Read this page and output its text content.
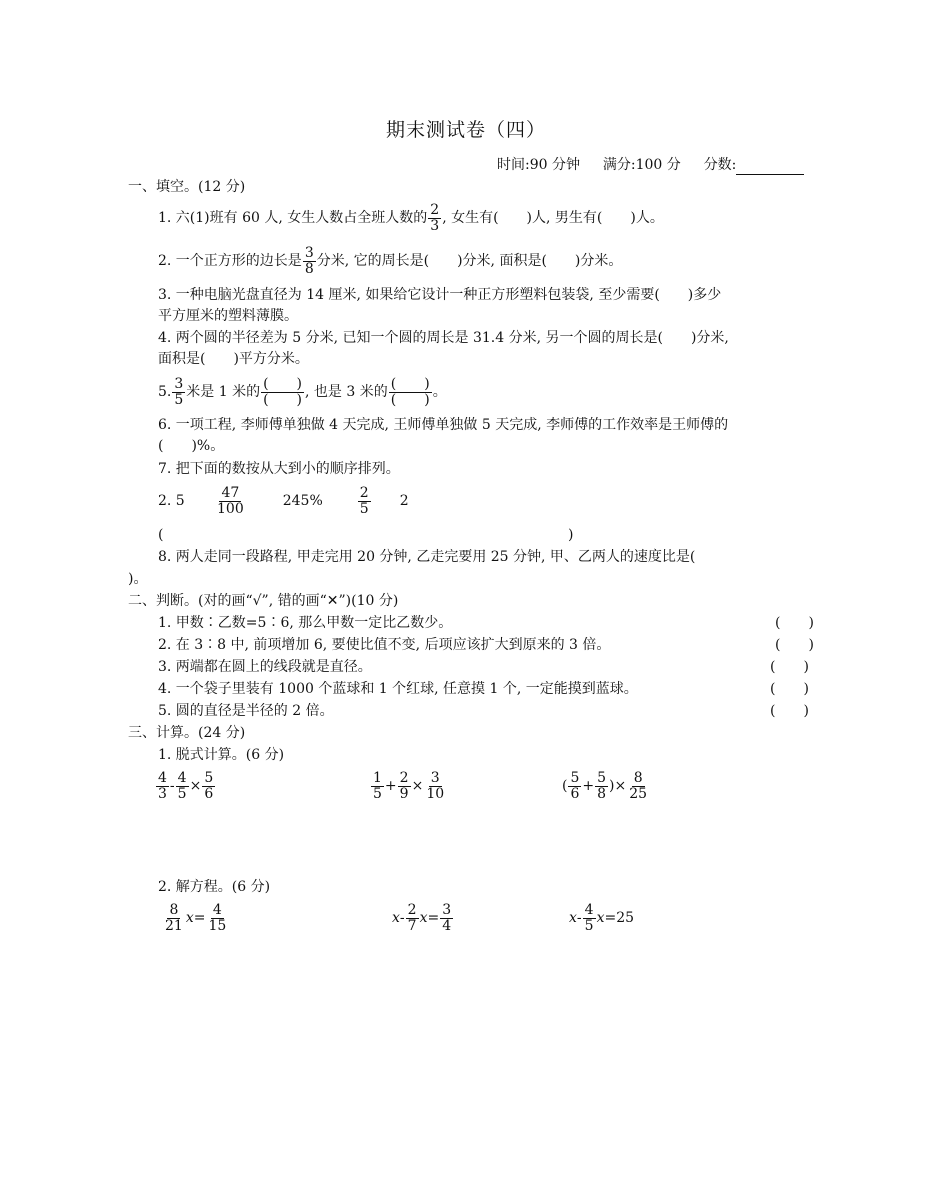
期末测试卷（四）
时间:90 分钟 满分:100 分 分数:
一、填空。(12 分)
1. 六(1)班有 60 人, 女生人数占全班人数的 $\frac{2}{3}$ , 女生有(　　)人, 男生有(　　)人。
2. 一个正方形的边长是 $\frac{3}{8}$ 分米, 它的周长是(　　)分米, 面积是(　　)分米。
3. 一种电脑光盘直径为 14 厘米, 如果给它设计一种正方形塑料包装袋, 至少需要(　　)多少
平方厘米的塑料薄膜。
4. 两个圆的半径差为 5 分米, 已知一个圆的周长是 31.4 分米, 另一个圆的周长是(　　)分米,
面积是(　　)平方分米。
5. $\frac{3}{5}$ 米是 1 米的 $\frac{( )}{( )}$ , 也是 3 米的 $\frac{( )}{( )}$ 。
6. 一项工程, 李师傅单独做 4 天完成, 王师傅单独做 5 天完成, 李师傅的工作效率是王师傅的
(　　)%。
7. 把下面的数按从大到小的顺序排列。
2. 5	$\frac{47}{100}$	245%	$\frac{2}{5} 2$
(	)
8. 两人走同一段路程, 甲走完用 20 分钟, 乙走完要用 25 分钟, 甲、乙两人的速度比是(
)。
二、判断。(对的画“√”, 错的画“✕”)(10 分)
1. 甲数∶乙数=5∶6, 那么甲数一定比乙数少。	(　　)
2. 在 3∶8 中, 前项增加 6, 要使比值不变, 后项应该扩大到原来的 3 倍。	(　　)
3. 两端都在圆上的线段就是直径。	(　　)
4. 一个袋子里装有 1000 个蓝球和 1 个红球, 任意摸 1 个, 一定能摸到蓝球。	(　　)
5. 圆的直径是半径的 2 倍。	(　　)
三、计算。(24 分)
1. 脱式计算。(6 分)
$\frac{4}{3} - \frac{4}{5} \times \frac{5}{6}$	$\frac{1}{5} + \frac{2}{9} \times \frac{3}{10}$	( $\frac{5}{6} + \frac{5}{8}$ ) × $\frac{8}{25}$
2. 解方程。(6 分)
$\frac{8}{21}$ $x = \frac{4}{15}$	x - $\frac{2}{7}$ $x = \frac{3}{4}$	x - $\frac{4}{5}$ x =25
